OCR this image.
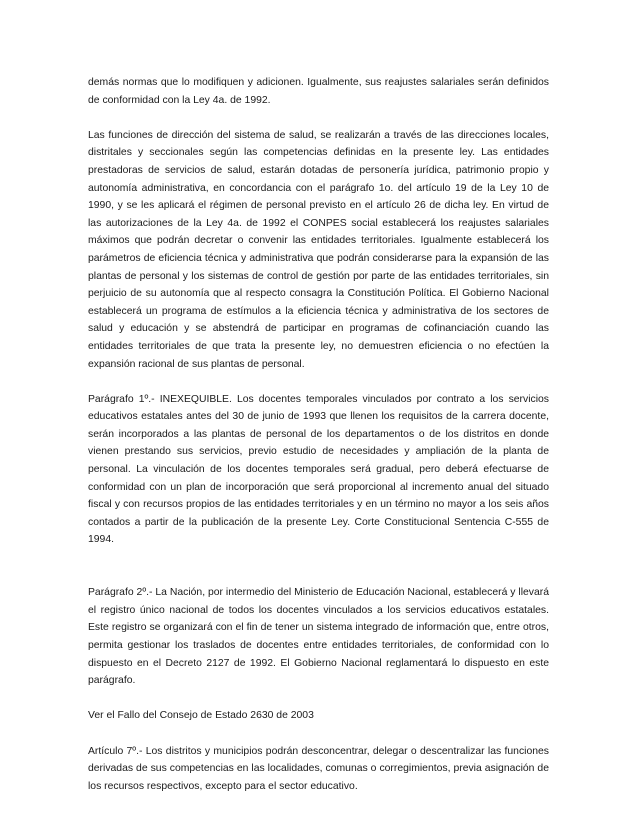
demás normas que lo modifiquen y adicionen. Igualmente, sus reajustes salariales serán definidos de conformidad con la Ley 4a. de 1992.

Las funciones de dirección del sistema de salud, se realizarán a través de las direcciones locales, distritales y seccionales según las competencias definidas en la presente ley. Las entidades prestadoras de servicios de salud, estarán dotadas de personería jurídica, patrimonio propio y autonomía administrativa, en concordancia con el parágrafo 1o. del artículo 19 de la Ley 10 de 1990, y se les aplicará el régimen de personal previsto en el artículo 26 de dicha ley. En virtud de las autorizaciones de la Ley 4a. de 1992 el CONPES social establecerá los reajustes salariales máximos que podrán decretar o convenir las entidades territoriales. Igualmente establecerá los parámetros de eficiencia técnica y administrativa que podrán considerarse para la expansión de las plantas de personal y los sistemas de control de gestión por parte de las entidades territoriales, sin perjuicio de su autonomía que al respecto consagra la Constitución Política. El Gobierno Nacional establecerá un programa de estímulos a la eficiencia técnica y administrativa de los sectores de salud y educación y se abstendrá de participar en programas de cofinanciación cuando las entidades territoriales de que trata la presente ley, no demuestren eficiencia o no efectúen la expansión racional de sus plantas de personal.

Parágrafo 1º.- INEXEQUIBLE. Los docentes temporales vinculados por contrato a los servicios educativos estatales antes del 30 de junio de 1993 que llenen los requisitos de la carrera docente, serán incorporados a las plantas de personal de los departamentos o de los distritos en donde vienen prestando sus servicios, previo estudio de necesidades y ampliación de la planta de personal. La vinculación de los docentes temporales será gradual, pero deberá efectuarse de conformidad con un plan de incorporación que será proporcional al incremento anual del situado fiscal y con recursos propios de las entidades territoriales y en un término no mayor a los seis años contados a partir de la publicación de la presente Ley. Corte Constitucional Sentencia C-555 de 1994.

Parágrafo 2º.- La Nación, por intermedio del Ministerio de Educación Nacional, establecerá y llevará el registro único nacional de todos los docentes vinculados a los servicios educativos estatales. Este registro se organizará con el fin de tener un sistema integrado de información que, entre otros, permita gestionar los traslados de docentes entre entidades territoriales, de conformidad con lo dispuesto en el Decreto 2127 de 1992. El Gobierno Nacional reglamentará lo dispuesto en este parágrafo.

Ver el Fallo del Consejo de Estado 2630 de 2003

Artículo 7º.- Los distritos y municipios podrán desconcentrar, delegar o descentralizar las funciones derivadas de sus competencias en las localidades, comunas o corregimientos, previa asignación de los recursos respectivos, excepto para el sector educativo.
